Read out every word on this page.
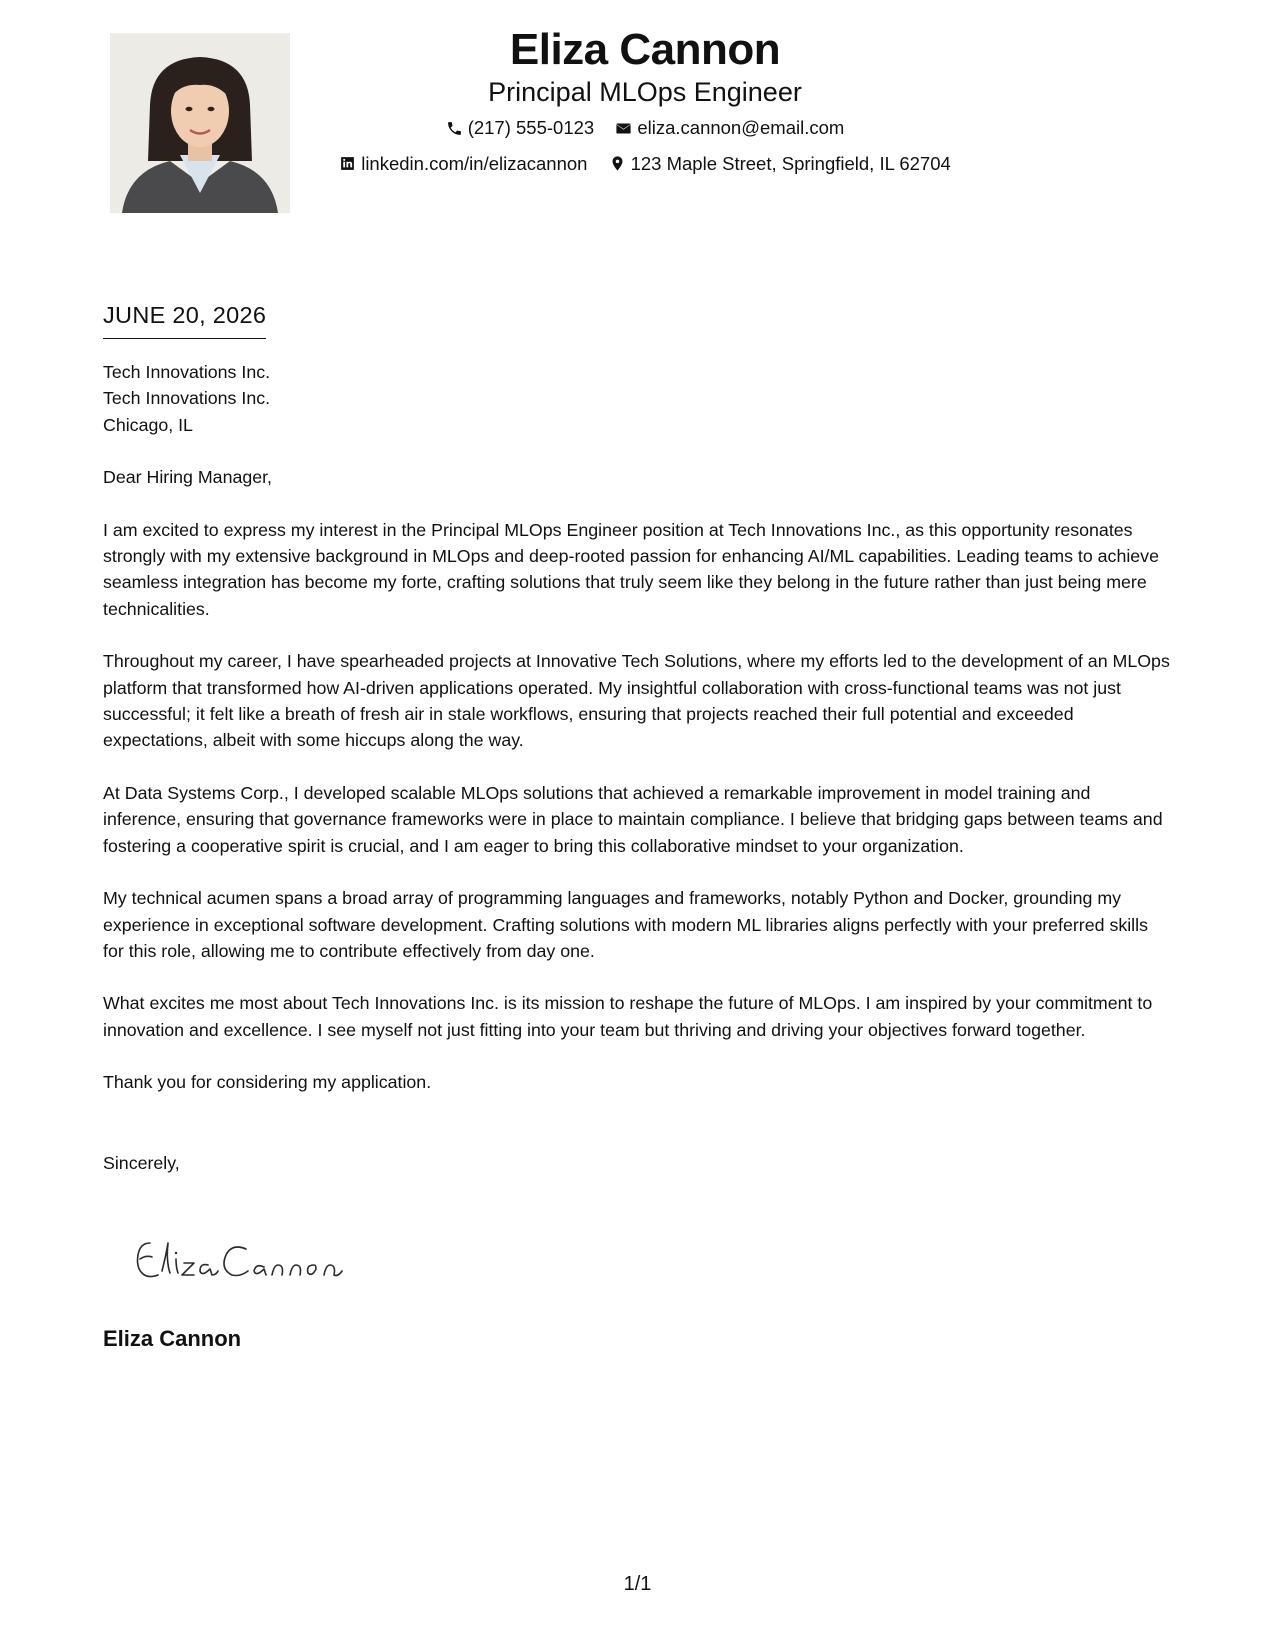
Eliza Cannon
Principal MLOps Engineer
(217) 555-0123
eliza.cannon@email.com
linkedin.com/in/elizacannon
123 Maple Street, Springfield, IL 62704
JUNE 20, 2026
Tech Innovations Inc.
Tech Innovations Inc.
Chicago, IL

Dear Hiring Manager,

I am excited to express my interest in the Principal MLOps Engineer position at Tech Innovations Inc., as this opportunity resonates strongly with my extensive background in MLOps and deep-rooted passion for enhancing AI/ML capabilities. Leading teams to achieve seamless integration has become my forte, crafting solutions that truly seem like they belong in the future rather than just being mere technicalities.

Throughout my career, I have spearheaded projects at Innovative Tech Solutions, where my efforts led to the development of an MLOps platform that transformed how AI-driven applications operated. My insightful collaboration with cross-functional teams was not just successful; it felt like a breath of fresh air in stale workflows, ensuring that projects reached their full potential and exceeded expectations, albeit with some hiccups along the way.

At Data Systems Corp., I developed scalable MLOps solutions that achieved a remarkable improvement in model training and inference, ensuring that governance frameworks were in place to maintain compliance. I believe that bridging gaps between teams and fostering a cooperative spirit is crucial, and I am eager to bring this collaborative mindset to your organization.

My technical acumen spans a broad array of programming languages and frameworks, notably Python and Docker, grounding my experience in exceptional software development. Crafting solutions with modern ML libraries aligns perfectly with your preferred skills for this role, allowing me to contribute effectively from day one.

What excites me most about Tech Innovations Inc. is its mission to reshape the future of MLOps. I am inspired by your commitment to innovation and excellence. I see myself not just fitting into your team but thriving and driving your objectives forward together.

Thank you for considering my application.

Sincerely,

Eliza Cannon
1/1
